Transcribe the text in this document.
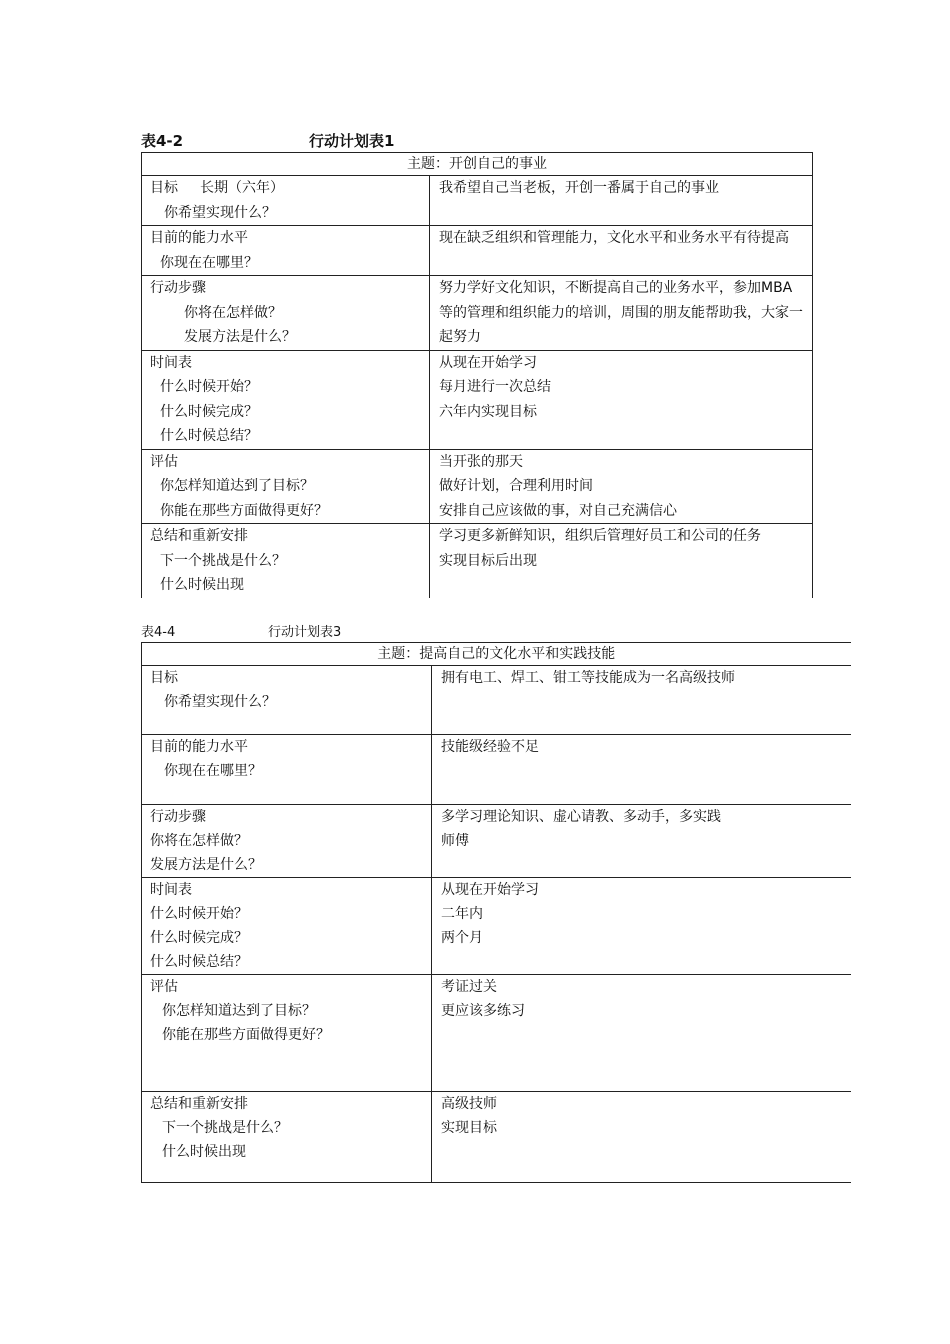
表4-2	行动计划表1
主题：开创自己的事业	

目标 长期（六年）
你希望实现什么？	我希望自己当老板，开创一番属于自己的事业

目前的能力水平
你现在在哪里？	现在缺乏组织和管理能力，文化水平和业务水平有待提高

行动步骤
你将在怎样做？
发展方法是什么？	努力学好文化知识，不断提高自己的业务水平，参加MBA等的管理和组织能力的培训，周围的朋友能帮助我，大家一起努力

时间表
什么时候开始？
什么时候完成？
什么时候总结？	从现在开始学习
每月进行一次总结
六年内实现目标

评估
你怎样知道达到了目标？
你能在那些方面做得更好？	当开张的那天
做好计划，合理利用时间
安排自己应该做的事，对自己充满信心

总结和重新安排
下一个挑战是什么？
什么时候出现	学习更多新鲜知识，组织后管理好员工和公司的任务
实现目标后出现
表4-4	行动计划表3
主题：提高自己的文化水平和实践技能	

目标
你希望实现什么？	拥有电工、焊工、钳工等技能成为一名高级技师

目前的能力水平
你现在在哪里？	技能级经验不足

行动步骤
你将在怎样做？
发展方法是什么？	多学习理论知识、虚心请教、多动手，多实践
师傅

时间表
什么时候开始？
什么时候完成？
什么时候总结？	从现在开始学习
二年内
两个月

评估
你怎样知道达到了目标？
你能在那些方面做得更好？	考证过关
更应该多练习

总结和重新安排
下一个挑战是什么？
什么时候出现	高级技师
实现目标
